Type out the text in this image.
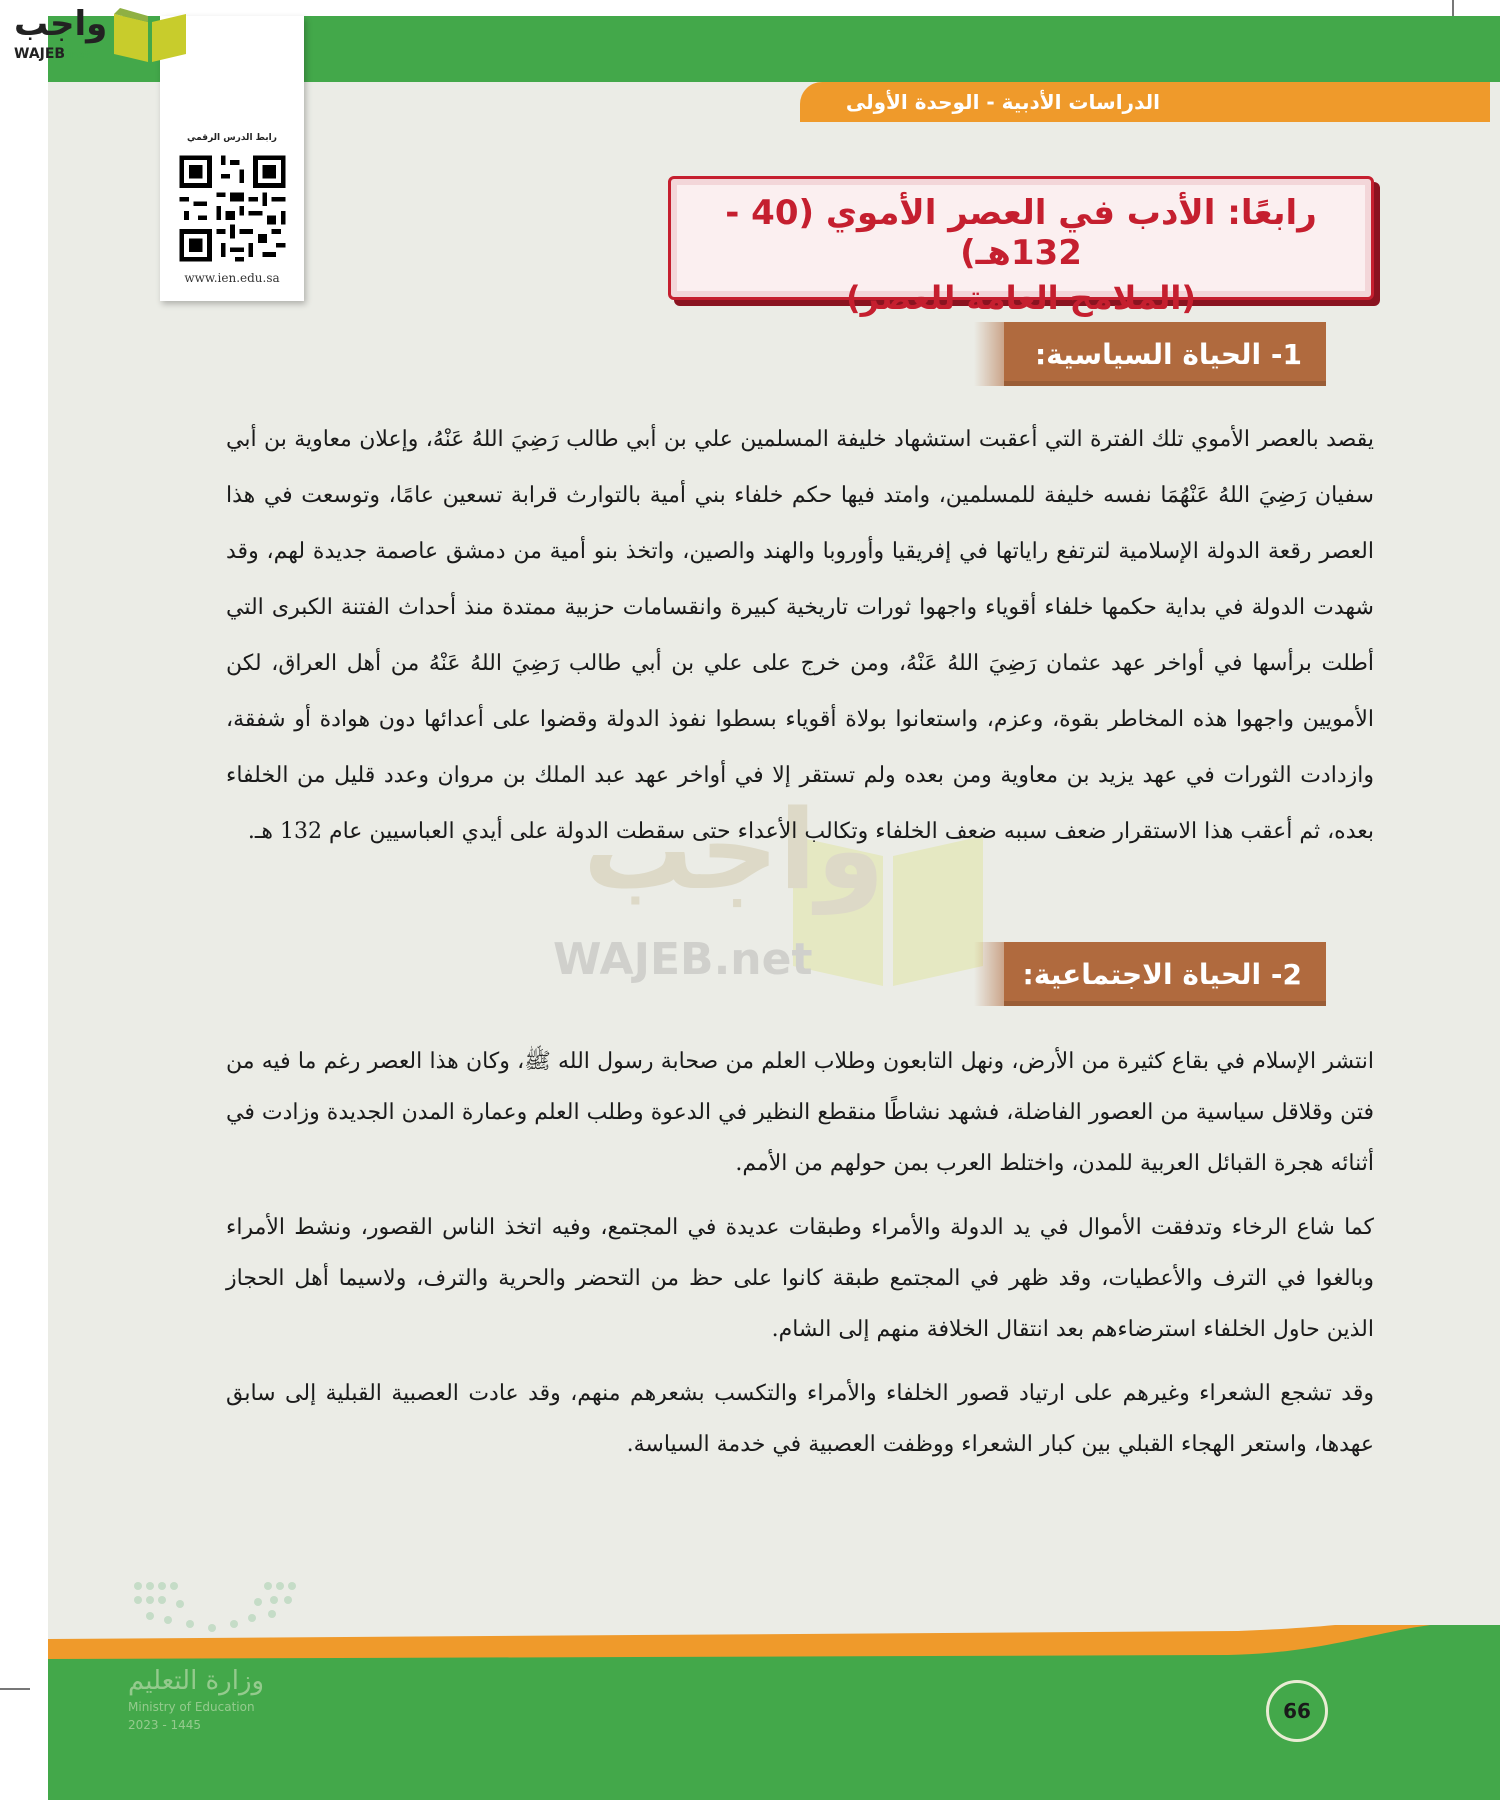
الدراسات الأدبية - الوحدة الأولى
واجب
WAJEB.net
رابعًا: الأدب في العصر الأموي (40 - 132هـ)
(الملامح العامة للعصر)
1- الحياة السياسية:

يقصد بالعصر الأموي تلك الفترة التي أعقبت استشهاد خليفة المسلمين علي بن أبي طالب رَضِيَ اللهُ عَنْهُ، وإعلان معاوية بن أبي سفيان رَضِيَ اللهُ عَنْهُمَا نفسه خليفة للمسلمين، وامتد فيها حكم خلفاء بني أمية بالتوارث قرابة تسعين عامًا، وتوسعت في هذا العصر رقعة الدولة الإسلامية لترتفع راياتها في إفريقيا وأوروبا والهند والصين، واتخذ بنو أمية من دمشق عاصمة جديدة لهم، وقد شهدت الدولة في بداية حكمها خلفاء أقوياء واجهوا ثورات تاريخية كبيرة وانقسامات حزبية ممتدة منذ أحداث الفتنة الكبرى التي أطلت برأسها في أواخر عهد عثمان رَضِيَ اللهُ عَنْهُ، ومن خرج على علي بن أبي طالب رَضِيَ اللهُ عَنْهُ من أهل العراق، لكن الأمويين واجهوا هذه المخاطر بقوة، وعزم، واستعانوا بولاة أقوياء بسطوا نفوذ الدولة وقضوا على أعدائها دون هوادة أو شفقة، وازدادت الثورات في عهد يزيد بن معاوية ومن بعده ولم تستقر إلا في أواخر عهد عبد الملك بن مروان وعدد قليل من الخلفاء بعده، ثم أعقب هذا الاستقرار ضعف سببه ضعف الخلفاء وتكالب الأعداء حتى سقطت الدولة على أيدي العباسيين عام 132 هـ.

2- الحياة الاجتماعية:

انتشر الإسلام في بقاع كثيرة من الأرض، ونهل التابعون وطلاب العلم من صحابة رسول الله ﷺ، وكان هذا العصر رغم ما فيه من فتن وقلاقل سياسية من العصور الفاضلة، فشهد نشاطًا منقطع النظير في الدعوة وطلب العلم وعمارة المدن الجديدة وزادت في أثنائه هجرة القبائل العربية للمدن، واختلط العرب بمن حولهم من الأمم.

كما شاع الرخاء وتدفقت الأموال في يد الدولة والأمراء وطبقات عديدة في المجتمع، وفيه اتخذ الناس القصور، ونشط الأمراء وبالغوا في الترف والأعطيات، وقد ظهر في المجتمع طبقة كانوا على حظ من التحضر والحرية والترف، ولاسيما أهل الحجاز الذين حاول الخلفاء استرضاءهم بعد انتقال الخلافة منهم إلى الشام.

وقد تشجع الشعراء وغيرهم على ارتياد قصور الخلفاء والأمراء والتكسب بشعرهم منهم، وقد عادت العصبية القبلية إلى سابق عهدها، واستعر الهجاء القبلي بين كبار الشعراء ووظفت العصبية في خدمة السياسة.

وزارة التعليم
Ministry of Education
2023 - 1445
66
رابط الدرس الرقمي
www.ien.edu.sa
واجب
WAJEB.net
